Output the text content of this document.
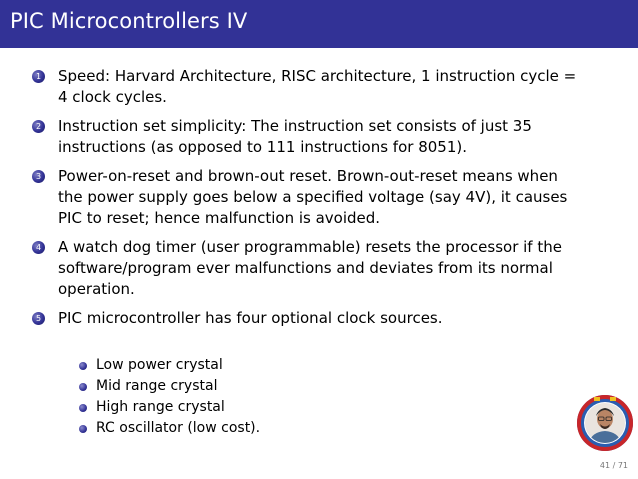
PIC Microcontrollers IV
1 Speed: Harvard Architecture, RISC architecture, 1 instruction cycle =
4 clock cycles.
2 Instruction set simplicity: The instruction set consists of just 35
instructions (as opposed to 111 instructions for 8051).
3 Power-on-reset and brown-out reset. Brown-out-reset means when
the power supply goes below a specified voltage (say 4V), it causes
PIC to reset; hence malfunction is avoided.
4 A watch dog timer (user programmable) resets the processor if the
software/program ever malfunctions and deviates from its normal
operation.
5 PIC microcontroller has four optional clock sources.
Low power crystal
Mid range crystal
High range crystal
RC oscillator (low cost).
41 / 71
